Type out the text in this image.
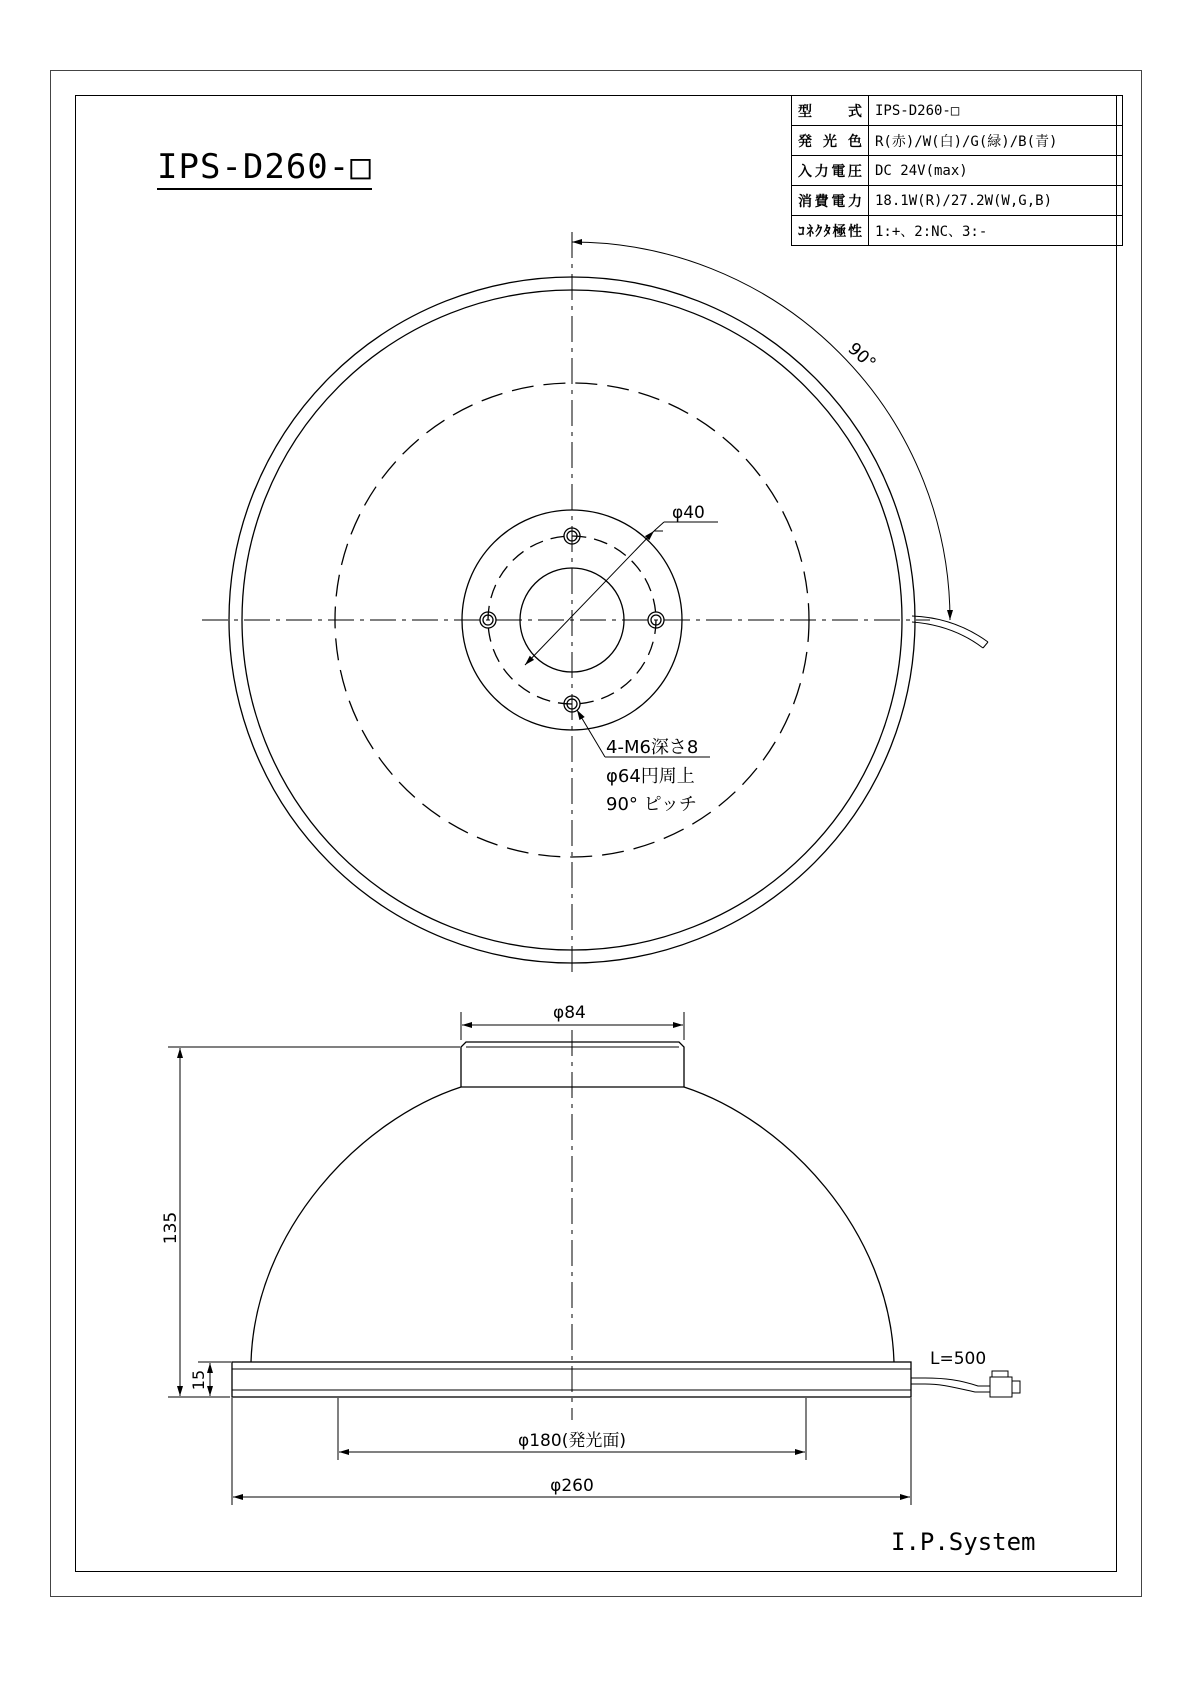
IPS-D260-□
型　　式	IPS-D260-□
発 光 色	R(赤)/W(白)/G(緑)/B(青)
入力電圧	DC 24V(max)
消費電力	18.1W(R)/27.2W(W,G,B)
ｺﾈｸﾀ極性	1:+、2:NC、3:-
90°
φ40
4-M6深さ8
φ64円周上
90° ピッチ
φ84
135
15
L=500
φ180(発光面)
φ260
I.P.System
